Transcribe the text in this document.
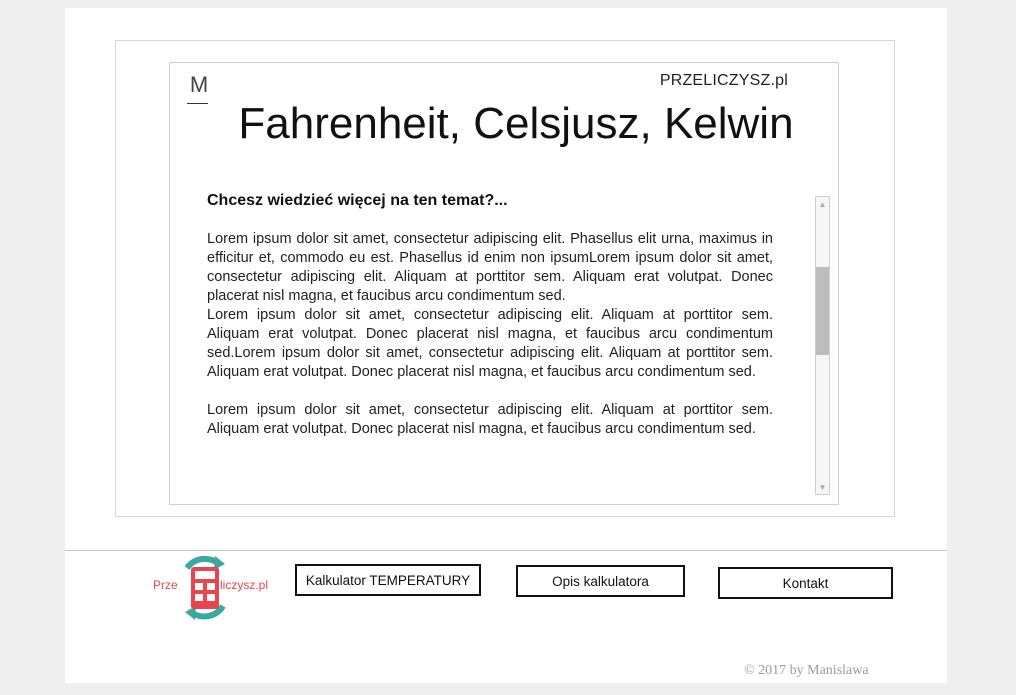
M	PRZELICZYSZ.pl
Fahrenheit, Celsjusz, Kelwin
Chcesz wiedzieć więcej na ten temat?...

Lorem ipsum dolor sit amet, consectetur adipiscing elit. Phasellus elit urna, maximus in efficitur et, commodo eu est. Phasellus id enim non ipsumLorem ipsum dolor sit amet, consectetur adipiscing elit. Aliquam at porttitor sem. Aliquam erat volutpat. Donec placerat nisl magna, et faucibus arcu condimentum sed.

Lorem ipsum dolor sit amet, consectetur adipiscing elit. Aliquam at porttitor sem. Aliquam erat volutpat. Donec placerat nisl magna, et faucibus arcu condimentum sed.Lorem ipsum dolor sit amet, consectetur adipiscing elit. Aliquam at porttitor sem. Aliquam erat volutpat. Donec placerat nisl magna, et faucibus arcu condimentum sed.

Lorem ipsum dolor sit amet, consectetur adipiscing elit. Aliquam at porttitor sem. Aliquam erat volutpat. Donec placerat nisl magna, et faucibus arcu condimentum sed.

▲
▼
Prze	liczysz.pl	Kalkulator TEMPERATURY	Opis kalkulatora	Kontakt
© 2017 by Manislawa
